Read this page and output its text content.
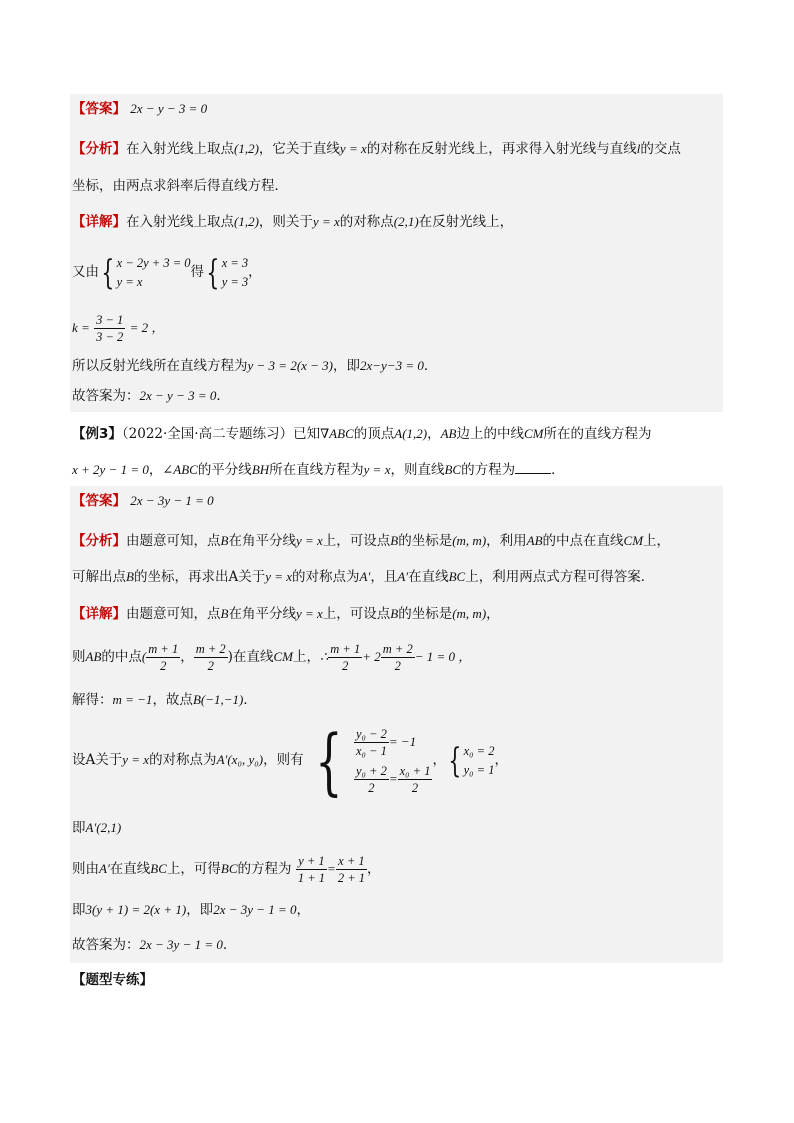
【答案】 2x − y − 3 = 0
【分析】在入射光线上取点(1,2)，它关于直线y = x的对称在反射光线上，再求得入射光线与直线l的交点
坐标，由两点求斜率后得直线方程．
【详解】在入射光线上取点(1,2)，则关于y = x的对称点(2,1)在反射光线上，
又由{ x − 2y + 3 = 0
y = x
得{ x = 3
y = 3
，
$k = \frac{3 - 1}{3 - 2} = 2$ ，
所以反射光线所在直线方程为y − 3 = 2(x − 3)，即2x−y−3 = 0．
故答案为：2x − y − 3 = 0．
【例3】（2022·全国·高二专题练习）已知∇ABC的顶点A(1,2)，AB边上的中线CM所在的直线方程为
x + 2y − 1 = 0，∠ABC的平分线BH所在直线方程为y = x，则直线BC的方程为	．
【答案】 2x − 3y − 1 = 0
【分析】由题意可知，点B在角平分线y = x上，可设点B的坐标是(m, m)，利用AB的中点在直线CM上，
可解出点B的坐标，再求出A关于y = x的对称点为A′，且A′在直线BC上，利用两点式方程可得答案．
【详解】由题意可知，点B在角平分线y = x上，可设点B的坐标是(m, m)，
则AB的中点( $\frac{m + 1}{2}$ ， $\frac{m + 2}{2}$ )在直线CM上，∴ $\frac{m + 1}{2} + 2 \frac{m + 2}{2} - 1 = 0$ ，
解得：m = −1，故点B(−1,−1)．
设A关于y = x的对称点为A′(x₀, y₀)，则有 { $\frac{\text{y₀ − 2}}{\text{x₀ − 1}} = -1$
$\frac{\text{y₀ + 2}}{2} = \frac{\text{x₀ + 1}}{2}$
，{ x₀ = 2
y₀ = 1
，
即A′(2,1)
则由A′在直线BC上，可得BC的方程为 $\frac{y + 1}{1 + 1} = \frac{x + 1}{2 + 1}$ ，
即3(y + 1) = 2(x + 1)，即2x − 3y − 1 = 0，
故答案为：2x − 3y − 1 = 0．
【题型专练】
